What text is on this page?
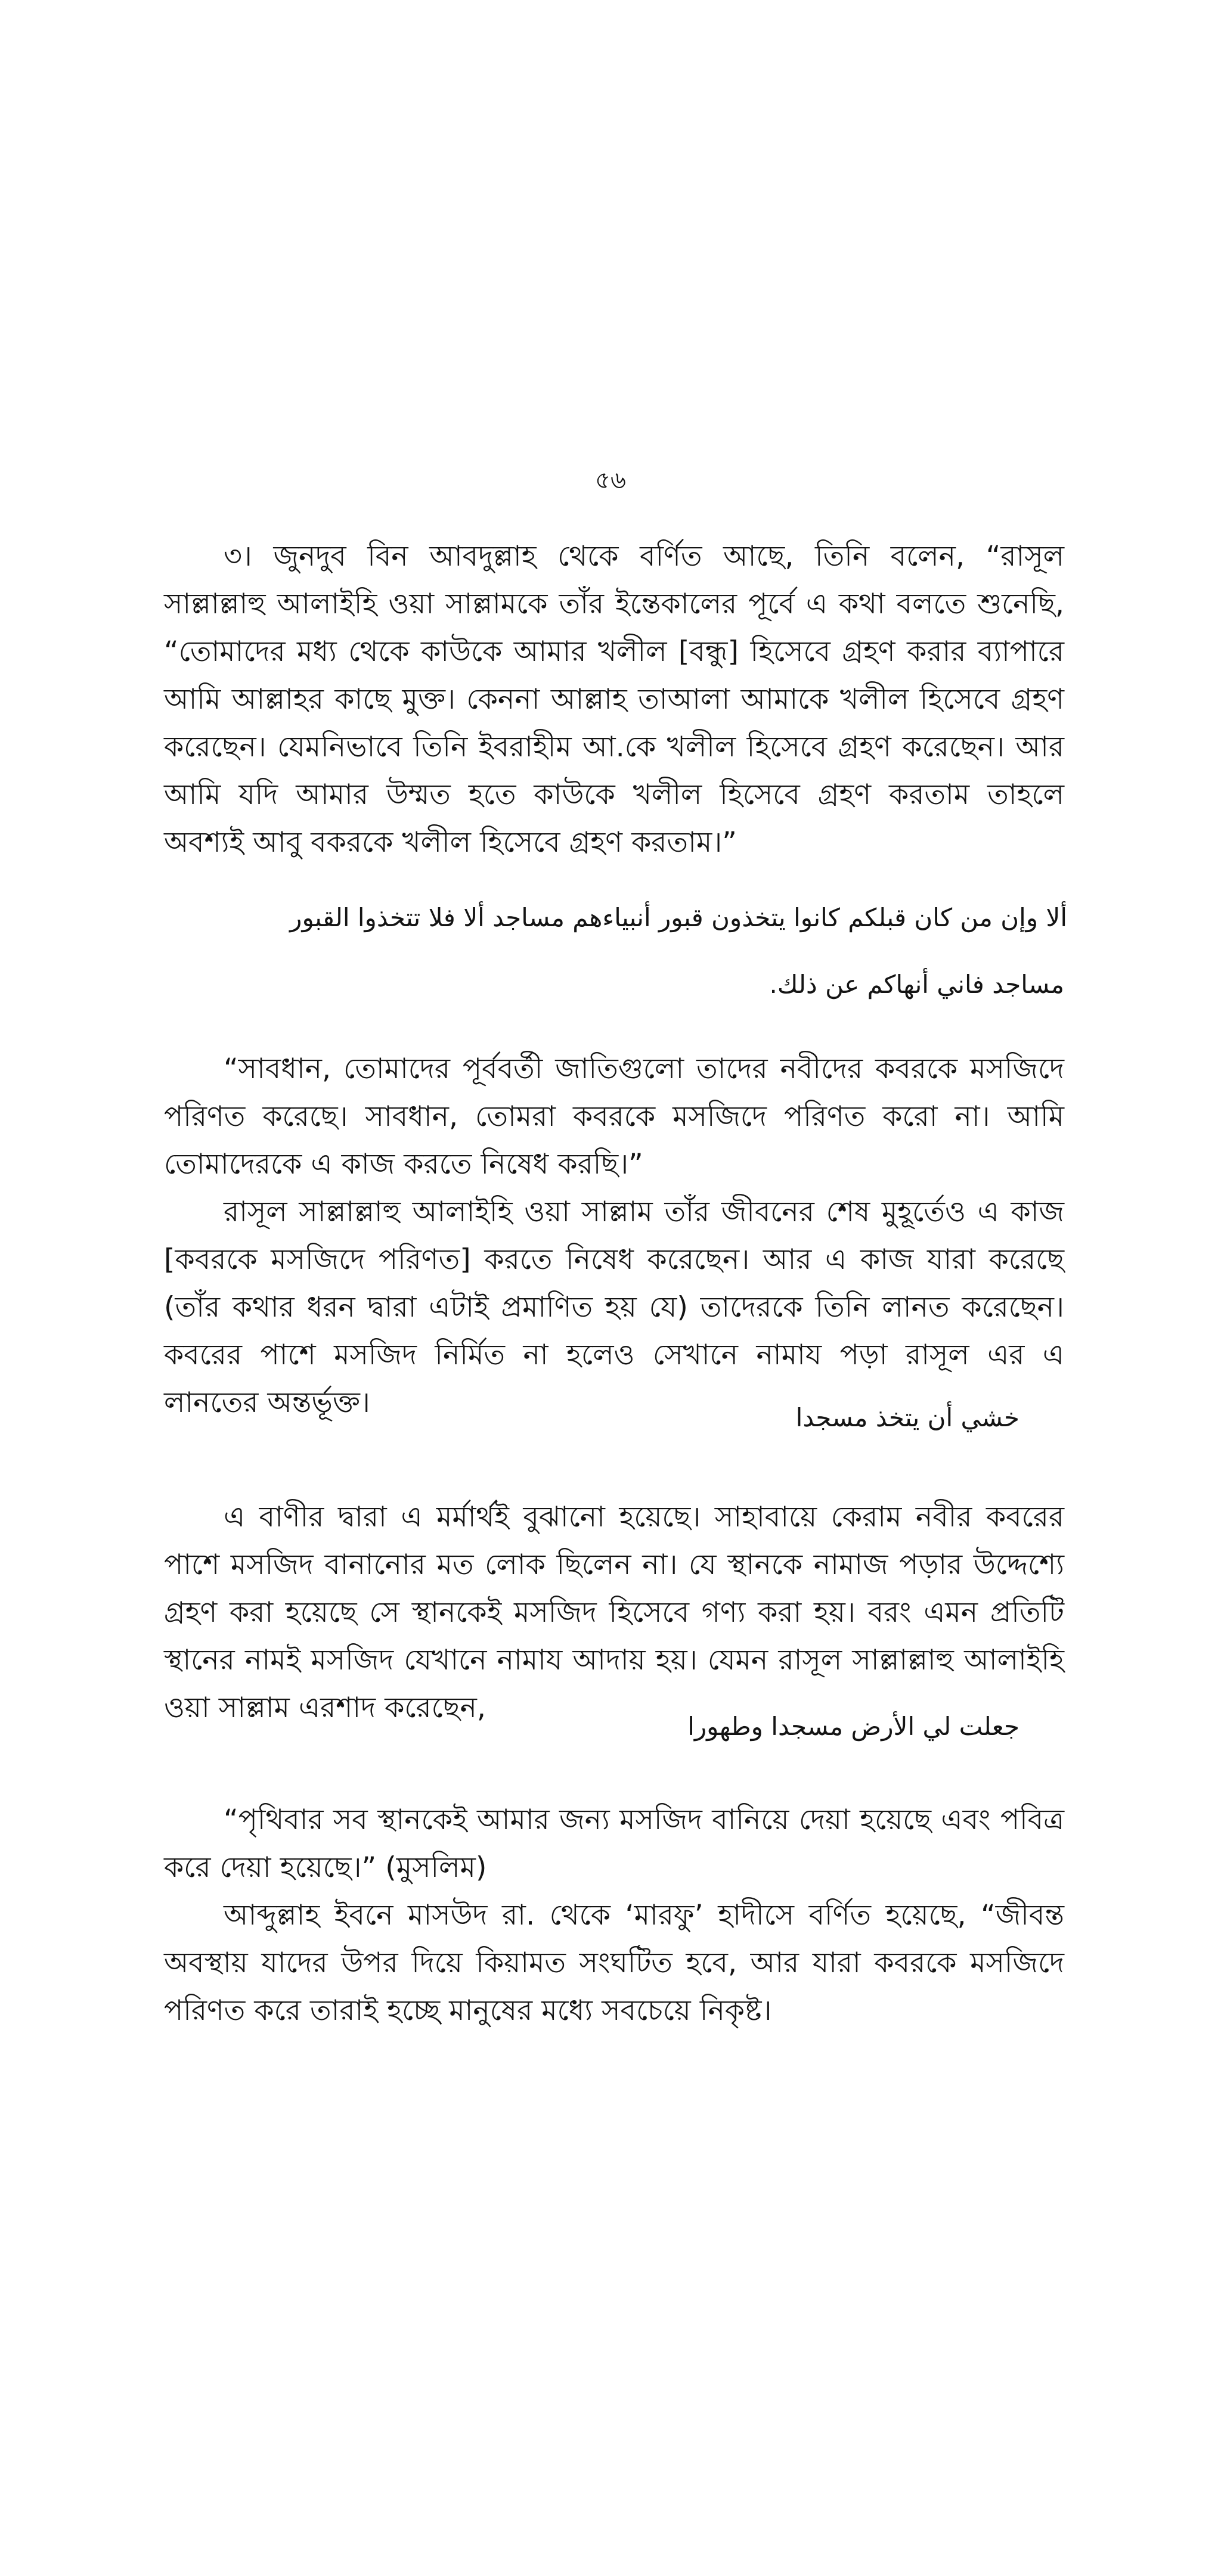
৫৬

৩। জুনদুব বিন আবদুল্লাহ থেকে বর্ণিত আছে, তিনি বলেন, “রাসূল সাল্লাল্লাহু আলাইহি ওয়া সাল্লামকে তাঁর ইন্তেকালের পূর্বে এ কথা বলতে শুনেছি, “তোমাদের মধ্য থেকে কাউকে আমার খলীল [বন্ধু] হিসেবে গ্রহণ করার ব্যাপারে আমি আল্লাহর কাছে মুক্ত। কেননা আল্লাহ তাআলা আমাকে খলীল হিসেবে গ্রহণ করেছেন। যেমনিভাবে তিনি ইবরাহীম আ.কে খলীল হিসেবে গ্রহণ করেছেন। আর আমি যদি আমার উম্মত হতে কাউকে খলীল হিসেবে গ্রহণ করতাম তাহলে অবশ্যই আবু বকরকে খলীল হিসেবে গ্রহণ করতাম।”

ألا وإن من كان قبلكم كانوا يتخذون قبور أنبياءهم مساجد ألا فلا تتخذوا القبور
مساجد فاني أنهاكم عن ذلك.

“সাবধান, তোমাদের পূর্ববর্তী জাতিগুলো তাদের নবীদের কবরকে মসজিদে পরিণত করেছে। সাবধান, তোমরা কবরকে মসজিদে পরিণত করো না। আমি তোমাদেরকে এ কাজ করতে নিষেধ করছি।”

রাসূল সাল্লাল্লাহু আলাইহি ওয়া সাল্লাম তাঁর জীবনের শেষ মুহূর্তেও এ কাজ [কবরকে মসজিদে পরিণত] করতে নিষেধ করেছেন। আর এ কাজ যারা করেছে (তাঁর কথার ধরন দ্বারা এটাই প্রমাণিত হয় যে) তাদেরকে তিনি লানত করেছেন। কবরের পাশে মসজিদ নির্মিত না হলেও সেখানে নামায পড়া রাসূল এর এ লানতের অন্তর্ভূক্ত।	خشي أن يتخذ مسجدا

এ বাণীর দ্বারা এ মর্মার্থই বুঝানো হয়েছে। সাহাবায়ে কেরাম নবীর কবরের পাশে মসজিদ বানানোর মত লোক ছিলেন না। যে স্থানকে নামাজ পড়ার উদ্দেশ্যে গ্রহণ করা হয়েছে সে স্থানকেই মসজিদ হিসেবে গণ্য করা হয়। বরং এমন প্রতিটি স্থানের নামই মসজিদ যেখানে নামায আদায় হয়। যেমন রাসূল সাল্লাল্লাহু আলাইহি ওয়া সাল্লাম এরশাদ করেছেন,

جعلت لي الأرض مسجدا وطهورا

“পৃথিবার সব স্থানকেই আমার জন্য মসজিদ বানিয়ে দেয়া হয়েছে এবং পবিত্র করে দেয়া হয়েছে।” (মুসলিম)

আব্দুল্লাহ ইবনে মাসউদ রা. থেকে ‘মারফু’ হাদীসে বর্ণিত হয়েছে, “জীবন্ত অবস্থায় যাদের উপর দিয়ে কিয়ামত সংঘটিত হবে, আর যারা কবরকে মসজিদে পরিণত করে তারাই হচ্ছে মানুষের মধ্যে সবচেয়ে নিকৃষ্ট।
